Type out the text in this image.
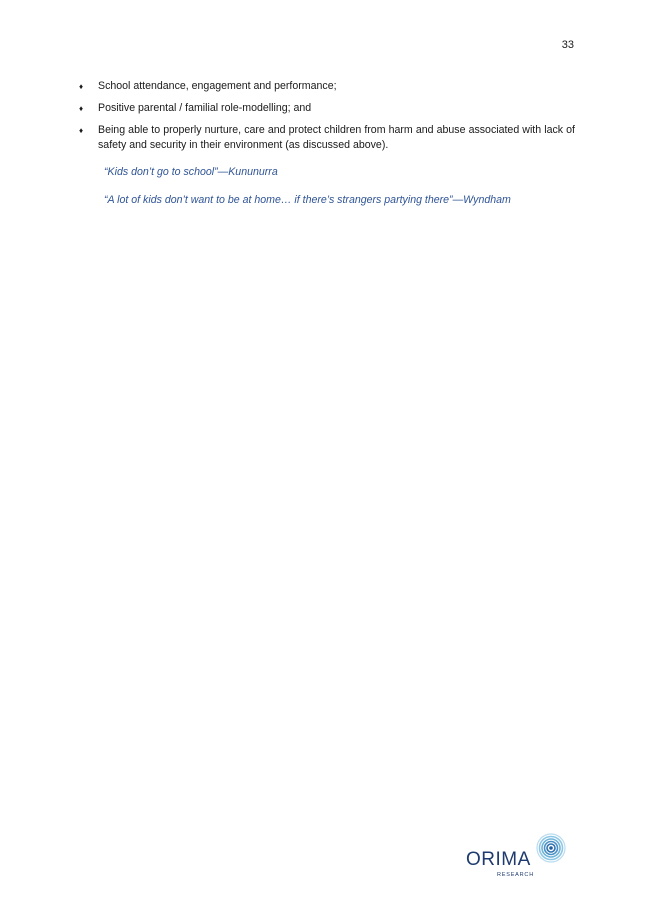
33
♦	School attendance, engagement and performance;
♦	Positive parental / familial role-modelling; and
♦	Being able to properly nurture, care and protect children from harm and abuse associated with lack of safety and security in their environment (as discussed above).
“Kids don’t go to school”—Kununurra
“A lot of kids don’t want to be at home… if there’s strangers partying there”—Wyndham
ORIMA
RESEARCH
